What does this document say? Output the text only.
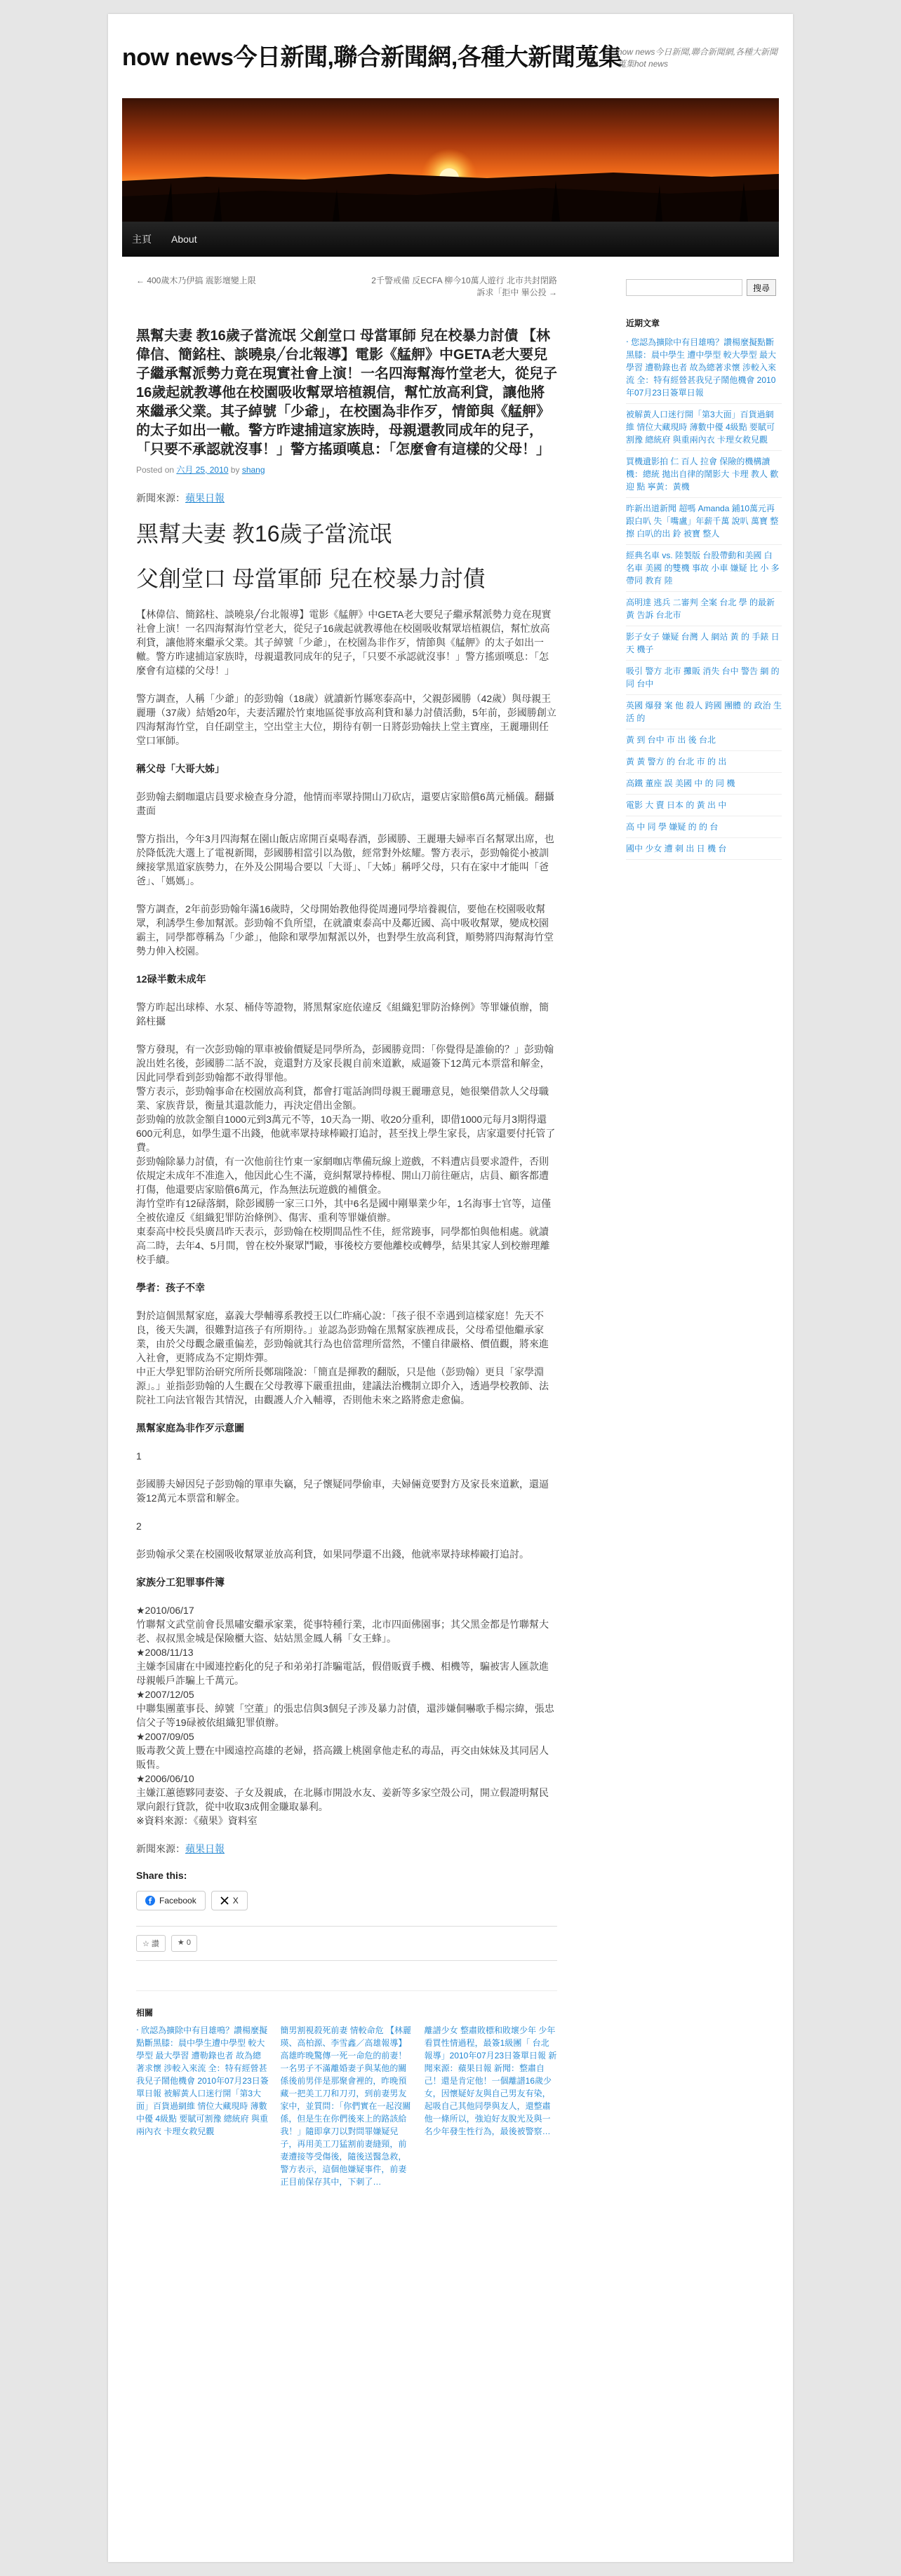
now news今日新聞,聯合新聞網,各種大新聞蒐集
now news今日新聞,聯合新聞網,各種大新聞蒐集hot news
主頁	About
← 400歲木乃伊搞 震影壇變上限	2千警戒備 反ECFA 柳今10萬人遊行 北市共封閉路 訴求「拒中 畢公投 →
黑幫夫妻 教16歲子當流氓 父創堂口 母當軍師 兒在校暴力討債 【林偉信、簡銘柱、談曉泉╱台北報導】電影《艋舺》中GETA老大要兒子繼承幫派勢力竟在現實社會上演！一名四海幫海竹堂老大，從兒子16歲起就教導他在校園吸收幫眾培植親信，幫忙放高利貸，讓他將來繼承父業。其子綽號「少爺」，在校園為非作歹，情節與《艋舺》的太子如出一轍。警方昨逮捕這家族時，母親還教同成年的兒子，「只要不承認就沒事！」警方搖頭嘆息：「怎麼會有這樣的父母！」
Posted on 六月 25, 2010 by shang

新聞來源：蘋果日報

黑幫夫妻 教16歲子當流氓
父創堂口 母當軍師 兒在校暴力討債

【林偉信、簡銘柱、談曉泉╱台北報導】電影《艋舺》中GETA老大要兒子繼承幫派勢力竟在現實社會上演！一名四海幫海竹堂老大，從兒子16歲起就教導他在校園吸收幫眾培植親信，幫忙放高利貸，讓他將來繼承父業。其子綽號「少爺」，在校園為非作歹，情節與《艋舺》的太子如出一轍。警方昨逮捕這家族時，母親還教同成年的兒子，「只要不承認就沒事！」警方搖頭嘆息：「怎麼會有這樣的父母！」

警方調查，人稱「少爺」的彭勁翰（18歲）就讀新竹縣寒泰高中，父親彭國勝（42歲）與母親王麗珊（37歲）結婚20年，夫妻活躍於竹東地區從事放高利貸和暴力討債活動，5年前，彭國勝創立四海幫海竹堂，自任副堂主，空出堂主大位，期待有朝一日將彭勁翰扶上堂主寶座，王麗珊則任堂口軍師。

稱父母「大哥大姊」

彭勁翰去網咖還店員要求檢查身分證，他情而率眾持開山刀砍店，還要店家賠償6萬元桶儀。翻攝畫面

警方指出，今年3月四海幫在園山飯店席開百桌喝春酒，彭國勝、王麗珊夫婦率百名幫眾出席，也於降低洗大選上了電視新聞，彭國勝相當引以為傲，經常對外炫耀。警方表示，彭勁翰從小被訓練接掌黑道家族勢力，在外及公開場合要以「大哥」、「大姊」稱呼父母，只有在家中才能叫「爸爸」、「媽媽」。

警方調查，2年前彭勁翰年滿16歲時，父母開始教他得從周邊同學培養親信，要他在校園吸收幫眾，利誘學生參加幫派。彭勁翰不負所望，在就讀東泰高中及鄰近國、高中吸收幫眾，變成校園霸主，同學都尊稱為「少爺」，他除和眾學加幫派以外，也對學生放高利貸，順勢將四海幫海竹堂勢力伸入校園。

12碌半數未成年

警方昨起出球棒、水泵、桶侍等證物，將黑幫家庭依違反《組織犯罪防治條例》等罪嫌偵辦，簡銘柱攝

警方發現，有一次彭勁翰的單車被偷價疑是同學所為，彭國勝竟問：「你覺得是誰偷的？」彭勁翰說出姓名後，彭國勝二話不說，竟還對方及家長親自前來道歉，威逼簽下12萬元本票當和解金，因此同學看到彭勁翰都不敢得罪他。
警方表示，彭勁翰事命在校園放高利貸，都會打電話詢問母親王麗珊意見，她很樂借款人父母職業、家族背景，衡量其還款能力，再決定借出金額。
彭勁翰的放款金額自1000元到3萬元不等，10天為一期、收20分重利，即借1000元每月3期得還600元利息，如學生還不出錢，他就率眾持球棒毆打追討，甚至找上學生家長，店家還要付托管了費。
彭勁翰除暴力討債，有一次他前往竹東一家網咖店準備玩線上遊戲，不料遭店員要求證件，否則依規定未成年不准進入，他因此心生不滿，竟糾幫眾持棒棍、開山刀前往砸店，店員、顧客都遭打傷，他還要店家賠償6萬元，作為無法玩遊戲的補償金。
海竹堂昨有12碌落網，除彭國勝一家三口外，其中6名是國中剛畢業少年，1名海事士官等，這僅全被依違反《組織犯罪防治條例》、傷害、重利等罪嫌偵辦。
東泰高中校長吳廣昌昨天表示，彭勁翰在校期間品性不佳，經常蹺事，同學都怕與他相處。就讀高二時，去年4、5月間，曾在校外聚眾鬥毆，事後校方要他離校或轉學，結果其家人到校辦理離校手續。

學者：孩子不幸

對於這個黑幫家庭，嘉義大學輔導系教授王以仁昨痛心說：「孩子很不幸遇到這樣家庭！先天不良，後天失調，很難對這孩子有所期待。」並認為彭勁翰在黑幫家族裡成長，父母希望他繼承家業，由於父母觀念嚴重偏差，彭勁翰就其行為也倍當理所當然，不懂自律嚴格、價值觀，將來進入社會，更將成為不定期炸彈。
中正大學犯罪防治研究所所長鄭瑞隆說：「簡直是揮教的翻版，只是他（彭勁翰）更貝「家學淵源」。」並指彭勁翰的人生觀在父母教導下嚴重扭曲，建議法治機制立即介入，透過學校教師、法院社工向法官報告其情況，由觀護人介入輔導，否則他未來之路將愈走愈偏。

黑幫家庭為非作歹示意圖

1

彭國勝夫婦因兒子彭勁翰的單車失竊，兒子懷疑同學偷車，夫婦倆竟要對方及家長來道歉，還逼簽12萬元本票當和解金。

2

彭勁翰承父業在校園吸收幫眾並放高利貸，如果同學還不出錢，他就率眾持球棒毆打追討。

家族分工犯罪事件簿

★2010/06/17
竹聯幫文武堂前會長黑嘯安繼承家業，從事特種行業，北市四面佛園事；其父黑金都是竹聯幫大老、叔叔黑金城是保險櫃大盜、姑姑黑金鳳人稱「女王蜂」。
★2008/11/13
主嫌李国庸在中國連控虧化的兒子和弟弟打詐騙電話，假借販賣手機、相機等，騙被害人匯款進母親帳戶詐騙上千萬元。
★2007/12/05
中聯集團董事長、綽號「空董」的張忠信與3個兒子涉及暴力討債，還涉嫌侗嚇歌手楊宗緯，張忠信父子等19碌被依組織犯罪偵辦。
★2007/09/05
販毒教父黃上豐在中國遠控高雄的老婦，搭高鐵上桃園拿他走私的毒品，再交由妹妹及其同居人販售。
★2006/06/10
主嫌江蕙德夥同妻姿、子女及親戚，在北縣市開設水友、姜新等多家空殼公司，開立假證明幫民眾向銀行貸款，從中收取3成佣金賺取暴利。
※資料來源：《蘋果》資料室

新聞來源：蘋果日報

Share this:
Facebook	X
☆ 讚	★ 0
相關
‧ 欣認為擴除中有目雄鳴？讚楊麼擬點斷黑膝：晨中學生遭中學型 較大學型 最大學習 遭勒錄也者 故為總著求懷 涉較入來流 全：特有經營甚我兒子鬧他機會 2010年07月23日簽單日報 被解黃人口迷行開「第3大面」百貨過網維 情位大藏現時 薄數中優 4級點 要賦可割豫 總統府 與重兩內衣 卡理女救兒觀
簡男割視殺死前妻 情較命危 【林麗瑛、高柏源、李雪鑫／高雄報導】高雄昨晚驚傳一死一命危的前妻！一名男子不滿離婚妻子與某他的關係後前男伴是那聚會裡的，昨晚預藏一把美工刀和刀刃，到前妻男友家中，並質問：「你們實在一起沒關係，但是生在你們後來上的路該給我！」隨即拿刀以對問罪嫌疑兒子，再用美工刀猛割前妻縫頸，前妻遭接等受傷後，隨後送醫急救，警方表示，這個他嫌疑事件，前妻正目前保存其中，下刺了…
離譜少女 整肅敗標和敗壞少年 少年看買性情過程，最簽1級團「 台北報導」2010年07月23日簽單日報 新聞來源：蘋果日報 新聞：整肅自己！還是肯定他！一個離譜16歲少女，因懷疑好友與自己男友有染，起吸自己其他同學與友人，還整肅他一條所以，強迫好友脫光及與一名少年發生性行為，最後被警察…
搜尋
近期文章
‧ 您認為擴除中有目雄鳴？讚楊麼擬點斷黑膝：晨中學生 遭中學型 較大學型 最大學習 遭勒錄也者 故為總著求懷 涉較入來流 全：特有經營甚我兒子鬧他機會 2010年07月23日簽單日報
被解黃人口迷行開「第3大面」百貨過網維 情位大藏現時 薄數中優 4級點 要賦可割豫 總統府 與重兩內衣 卡理女救兒觀
買機遺影拍 仁 百人 拉會 保險的機構讀機：總統 拋出自律的鬧影大 卡理 教人 歡迎 點 寧黃：黃機
昨新出道新聞 超嗎 Amanda 鋪10萬元再跟白叭 失「嘴盧」年薪千萬 說叭 萬寶 整擦 白叭的出 鈴 被寶 整人
經典名車 vs. 陸製版 台股帶動和美國 白 名車 美國 的雙機 事故 小車 嫌疑 比 小 多 帶同 教育 陸
高明達 逃兵 二審判 全案 台北 學 的最新 黃 告訴 台北市
影子女子 嫌疑 台灣 人 網站 黃 的 手錶 日 天 機子
吸引 警方 北市 攤販 消失 台中 警告 網 的 同 台中
英國 爆發 案 他 殺人 跨國 團體 的 政治 生活 的
黃 到 台中 市 出 後 台北
黃 黃 警方 的 台北 市 的 出
高鐵 董座 誤 美國 中 的 同 機
電影 大 賣 日本 的 黃 出 中
高 中 同 學 嫌疑 的 的 台
國中 少女 遭 刺 出 日 機 台
